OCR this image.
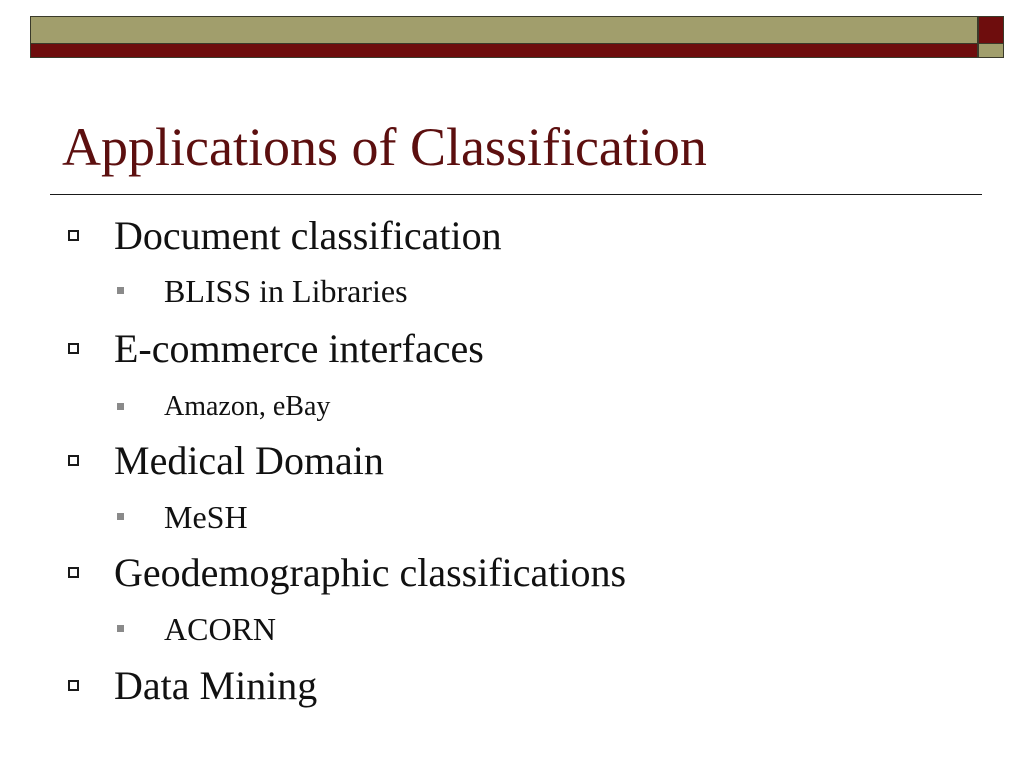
Applications of Classification
Document classification
BLISS in Libraries
E-commerce interfaces
Amazon, eBay
Medical Domain
MeSH
Geodemographic classifications
ACORN
Data Mining
